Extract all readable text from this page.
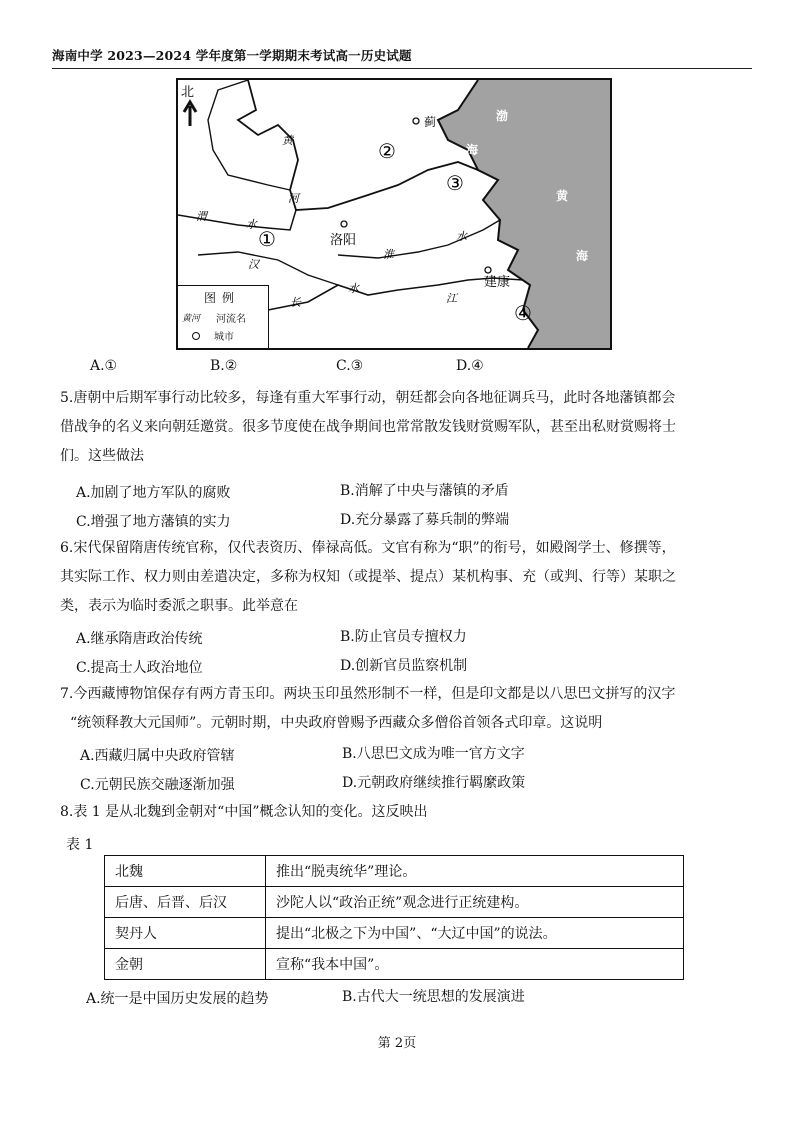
海南中学 2023—2024 学年度第一学期期末考试高一历史试题
北
黄
河
渭
水
淮
水
汉
水
长	江
渤
海
黄
海
蓟
洛阳
建康
①
②
③
④
图例
黄河	河流名
城市
A.①	B.②	C.③	D.④
5.唐朝中后期军事行动比较多，每逢有重大军事行动，朝廷都会向各地征调兵马，此时各地藩镇都会
借战争的名义来向朝廷邀赏。很多节度使在战争期间也常常散发钱财赏赐军队，甚至出私财赏赐将士
们。这些做法
A.加剧了地方军队的腐败	B.消解了中央与藩镇的矛盾
C.增强了地方藩镇的实力	D.充分暴露了募兵制的弊端
6.宋代保留隋唐传统官称，仅代表资历、俸禄高低。文官有称为“职”的衔号，如殿阁学士、修撰等，
其实际工作、权力则由差遣决定，多称为权知（或提举、提点）某机构事、充（或判、行等）某职之
类，表示为临时委派之职事。此举意在
A.继承隋唐政治传统	B.防止官员专擅权力
C.提高士人政治地位	D.创新官员监察机制
7.今西藏博物馆保存有两方青玉印。两块玉印虽然形制不一样，但是印文都是以八思巴文拼写的汉字
“统领释教大元国师”。元朝时期，中央政府曾赐予西藏众多僧俗首领各式印章。这说明
A.西藏归属中央政府管辖	B.八思巴文成为唯一官方文字
C.元朝民族交融逐渐加强	D.元朝政府继续推行羁縻政策
8.表 1 是从北魏到金朝对“中国”概念认知的变化。这反映出
表 1
北魏	推出“脱夷统华”理论。
后唐、后晋、后汉	沙陀人以“政治正统”观念进行正统建构。
契丹人	提出“北极之下为中国”、“大辽中国”的说法。
金朝	宣称“我本中国”。
A.统一是中国历史发展的趋势	B.古代大一统思想的发展演进
第 2页
